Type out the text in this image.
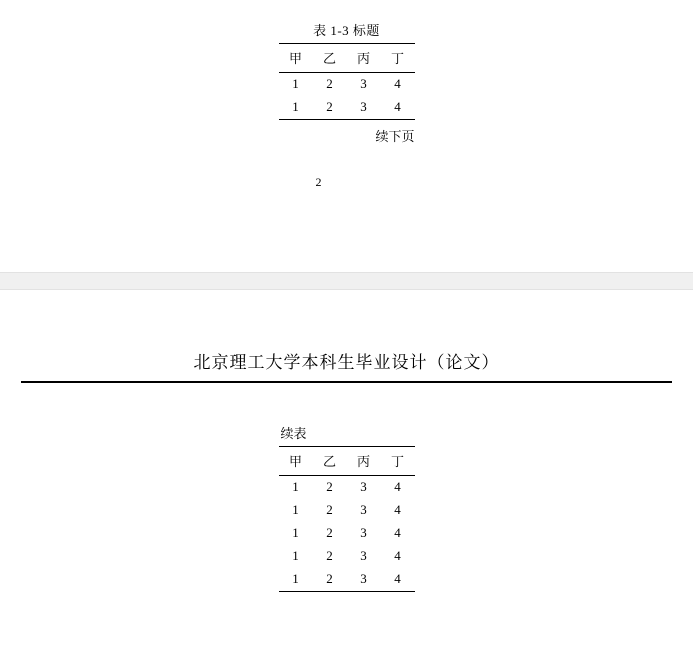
表 1-3 标题
甲	乙	丙	丁
1	2	3	4
1	2	3	4
续下页
2
北京理工大学本科生毕业设计（论文）
续表
甲	乙	丙	丁
1	2	3	4
1	2	3	4
1	2	3	4
1	2	3	4
1	2	3	4
